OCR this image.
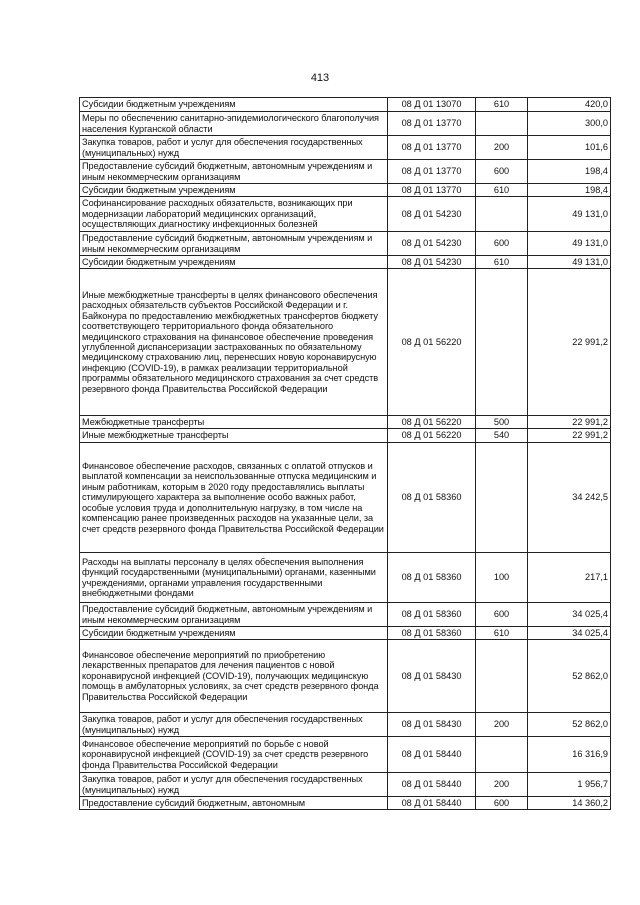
413
Субсидии бюджетным учреждениям	08 Д 01 13070	610	420,0
Меры по обеспечению санитарно-эпидемиологического благополучия населения Курганской области	08 Д 01 13770		300,0
Закупка товаров, работ и услуг для обеспечения государственных (муниципальных) нужд	08 Д 01 13770	200	101,6
Предоставление субсидий бюджетным, автономным учреждениям и иным некоммерческим организациям	08 Д 01 13770	600	198,4
Субсидии бюджетным учреждениям	08 Д 01 13770	610	198,4
Софинансирование расходных обязательств, возникающих при модернизации лабораторий медицинских организаций, осуществляющих диагностику инфекционных болезней	08 Д 01 54230		49 131,0
Предоставление субсидий бюджетным, автономным учреждениям и иным некоммерческим организациям	08 Д 01 54230	600	49 131,0
Субсидии бюджетным учреждениям	08 Д 01 54230	610	49 131,0
Иные межбюджетные трансферты в целях финансового обеспечения расходных обязательств субъектов Российской Федерации и г. Байконура по предоставлению межбюджетных трансфертов бюджету соответствующего территориального фонда обязательного медицинского страхования на финансовое обеспечение проведения углубленной диспансеризации застрахованных по обязательному медицинскому страхованию лиц, перенесших новую коронавирусную инфекцию (COVID-19), в рамках реализации территориальной программы обязательного медицинского страхования за счет средств резервного фонда Правительства Российской Федерации	08 Д 01 56220		22 991,2
Межбюджетные трансферты	08 Д 01 56220	500	22 991,2
Иные межбюджетные трансферты	08 Д 01 56220	540	22 991,2
Финансовое обеспечение расходов, связанных с оплатой отпусков и выплатой компенсации за неиспользованные отпуска медицинским и иным работникам, которым в 2020 году предоставлялись выплаты стимулирующего характера за выполнение особо важных работ, особые условия труда и дополнительную нагрузку, в том числе на компенсацию ранее произведенных расходов на указанные цели, за счет средств резервного фонда Правительства Российской Федерации	08 Д 01 58360		34 242,5
Расходы на выплаты персоналу в целях обеспечения выполнения функций государственными (муниципальными) органами, казенными учреждениями, органами управления государственными внебюджетными фондами	08 Д 01 58360	100	217,1
Предоставление субсидий бюджетным, автономным учреждениям и иным некоммерческим организациям	08 Д 01 58360	600	34 025,4
Субсидии бюджетным учреждениям	08 Д 01 58360	610	34 025,4
Финансовое обеспечение мероприятий по приобретению лекарственных препаратов для лечения пациентов с новой коронавирусной инфекцией (COVID-19), получающих медицинскую помощь в амбулаторных условиях, за счет средств резервного фонда Правительства Российской Федерации	08 Д 01 58430		52 862,0
Закупка товаров, работ и услуг для обеспечения государственных (муниципальных) нужд	08 Д 01 58430	200	52 862,0
Финансовое обеспечение мероприятий по борьбе с новой коронавирусной инфекцией (COVID-19) за счет средств резервного фонда Правительства Российской Федерации	08 Д 01 58440		16 316,9
Закупка товаров, работ и услуг для обеспечения государственных (муниципальных) нужд	08 Д 01 58440	200	1 956,7
Предоставление субсидий бюджетным, автономным	08 Д 01 58440	600	14 360,2
